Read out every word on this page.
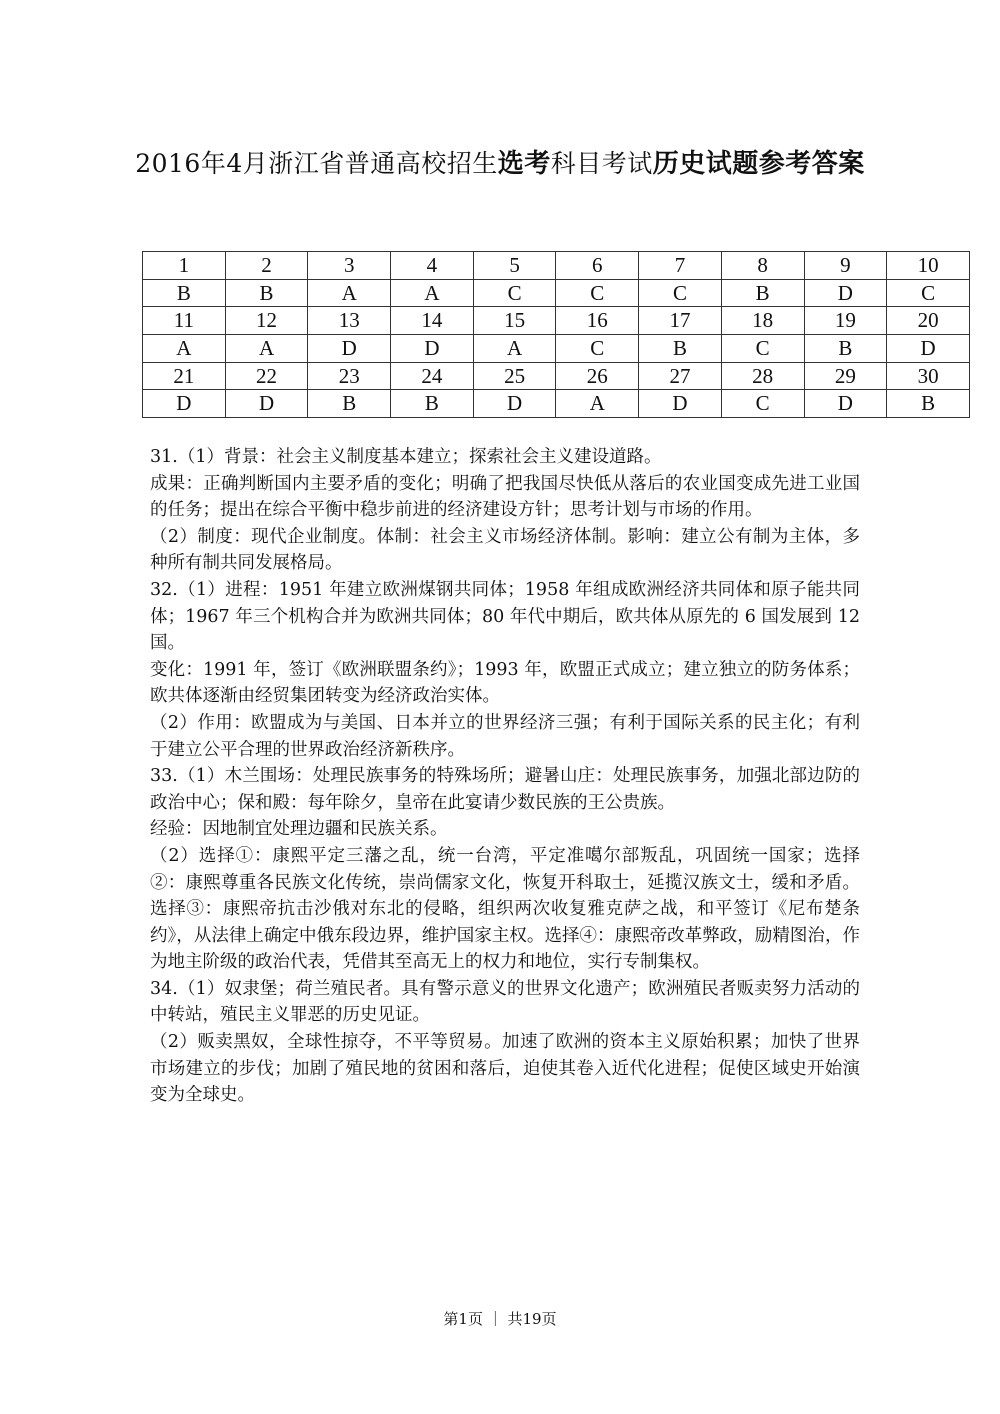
2016年4月浙江省普通高校招生选考科目考试历史试题参考答案
1	2	3	4	5	6	7	8	9	10
B	B	A	A	C	C	C	B	D	C
11	12	13	14	15	16	17	18	19	20
A	A	D	D	A	C	B	C	B	D
21	22	23	24	25	26	27	28	29	30
D	D	B	B	D	A	D	C	D	B

31.（1）背景：社会主义制度基本建立；探索社会主义建设道路。

成果：正确判断国内主要矛盾的变化；明确了把我国尽快低从落后的农业国变成先进工业国的任务；提出在综合平衡中稳步前进的经济建设方针；思考计划与市场的作用。

（2）制度：现代企业制度。体制：社会主义市场经济体制。影响：建立公有制为主体，多种所有制共同发展格局。

32.（1）进程：1951 年建立欧洲煤钢共同体；1958 年组成欧洲经济共同体和原子能共同体；1967 年三个机构合并为欧洲共同体；80 年代中期后，欧共体从原先的 6 国发展到 12 国。

变化：1991 年，签订《欧洲联盟条约》；1993 年，欧盟正式成立；建立独立的防务体系；欧共体逐渐由经贸集团转变为经济政治实体。

（2）作用：欧盟成为与美国、日本并立的世界经济三强；有利于国际关系的民主化；有利于建立公平合理的世界政治经济新秩序。

33.（1）木兰围场：处理民族事务的特殊场所；避暑山庄：处理民族事务，加强北部边防的政治中心；保和殿：每年除夕，皇帝在此宴请少数民族的王公贵族。

经验：因地制宜处理边疆和民族关系。

（2）选择①：康熙平定三藩之乱，统一台湾，平定准噶尔部叛乱，巩固统一国家；选择②：康熙尊重各民族文化传统，崇尚儒家文化，恢复开科取士，延揽汉族文士，缓和矛盾。选择③：康熙帝抗击沙俄对东北的侵略，组织两次收复雅克萨之战，和平签订《尼布楚条约》，从法律上确定中俄东段边界，维护国家主权。选择④：康熙帝改革弊政，励精图治，作为地主阶级的政治代表，凭借其至高无上的权力和地位，实行专制集权。

34.（1）奴隶堡；荷兰殖民者。具有警示意义的世界文化遗产；欧洲殖民者贩卖努力活动的中转站，殖民主义罪恶的历史见证。

（2）贩卖黑奴，全球性掠夺，不平等贸易。加速了欧洲的资本主义原始积累；加快了世界市场建立的步伐；加剧了殖民地的贫困和落后，迫使其卷入近代化进程；促使区域史开始演变为全球史。

第1页 ｜ 共19页
